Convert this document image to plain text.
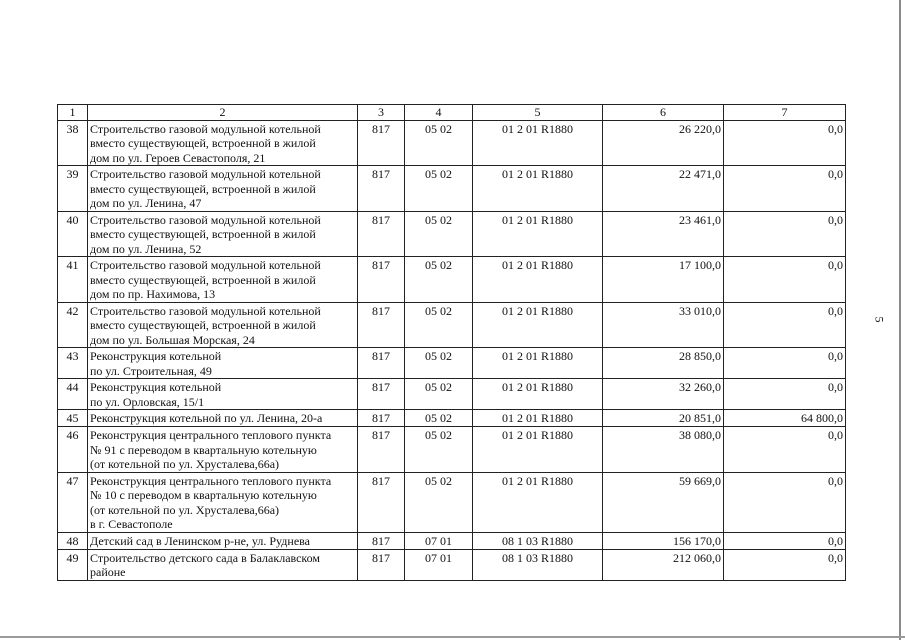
5
1	2	3	4	5	6	7
38	Строительство газовой модульной котельной
вместо существующей, встроенной в жилой
дом по ул. Героев Севастополя, 21	817	05 02	01 2 01 R1880	26 220,0	0,0
39	Строительство газовой модульной котельной
вместо существующей, встроенной в жилой
дом по ул. Ленина, 47	817	05 02	01 2 01 R1880	22 471,0	0,0
40	Строительство газовой модульной котельной
вместо существующей, встроенной в жилой
дом по ул. Ленина, 52	817	05 02	01 2 01 R1880	23 461,0	0,0
41	Строительство газовой модульной котельной
вместо существующей, встроенной в жилой
дом по пр. Нахимова, 13	817	05 02	01 2 01 R1880	17 100,0	0,0
42	Строительство газовой модульной котельной
вместо существующей, встроенной в жилой
дом по ул. Большая Морская, 24	817	05 02	01 2 01 R1880	33 010,0	0,0
43	Реконструкция котельной
по ул. Строительная, 49	817	05 02	01 2 01 R1880	28 850,0	0,0
44	Реконструкция котельной
по ул. Орловская, 15/1	817	05 02	01 2 01 R1880	32 260,0	0,0
45	Реконструкция котельной по ул. Ленина, 20-а	817	05 02	01 2 01 R1880	20 851,0	64 800,0
46	Реконструкция центрального теплового пункта
№ 91 с переводом в квартальную котельную
(от котельной по ул. Хрусталева,66а)	817	05 02	01 2 01 R1880	38 080,0	0,0
47	Реконструкция центрального теплового пункта
№ 10 с переводом в квартальную котельную
(от котельной по ул. Хрусталева,66а)
в г. Севастополе	817	05 02	01 2 01 R1880	59 669,0	0,0
48	Детский сад в Ленинском р-не, ул. Руднева	817	07 01	08 1 03 R1880	156 170,0	0,0
49	Строительство детского сада в Балаклавском
районе	817	07 01	08 1 03 R1880	212 060,0	0,0
